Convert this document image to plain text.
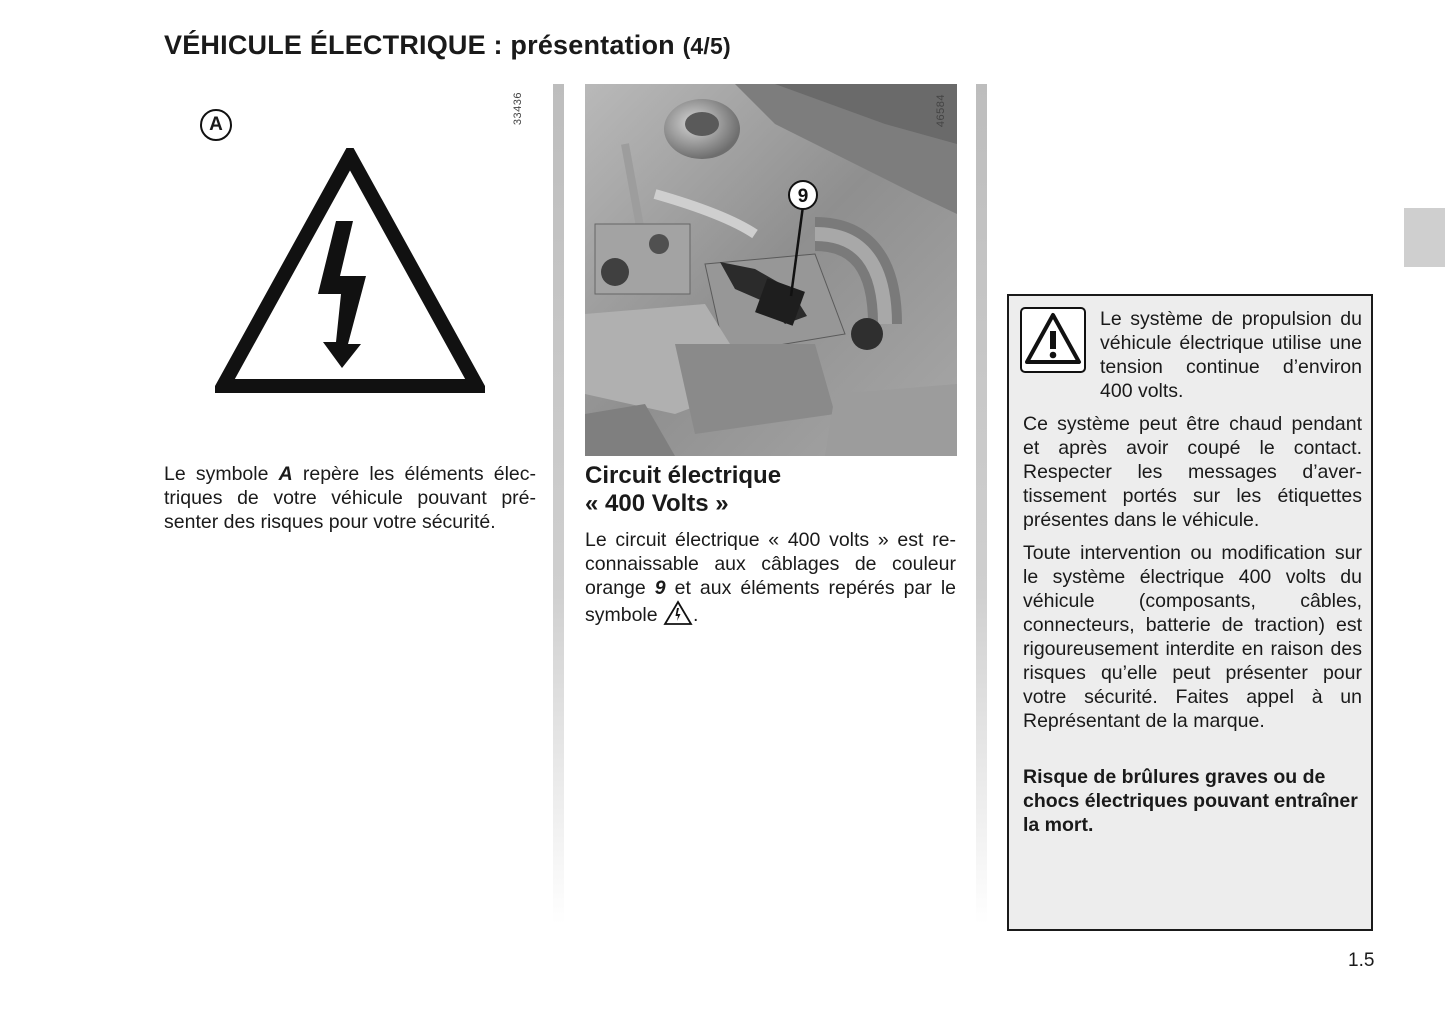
VÉHICULE ÉLECTRIQUE : présentation (4/5)
33436
A
Le symbole A repère les éléments électriques de votre véhicule pouvant présenter des risques pour votre sécurité.
9
46584
Circuit électrique
« 400 Volts »
Le circuit électrique « 400 volts » est reconnaissable aux câblages de couleur orange 9 et aux éléments repérés par le symbole .
Le système de propulsion du véhicule électrique utilise une tension continue d’environ 400 volts.
Ce système peut être chaud pendant et après avoir coupé le contact. Respecter les messages d’avertissement portés sur les étiquettes présentes dans le véhicule.
Toute intervention ou modification sur le système électrique 400 volts du véhicule (composants, câbles, connecteurs, batterie de traction) est rigoureusement interdite en raison des risques qu’elle peut présenter pour votre sécurité. Faites appel à un Représentant de la marque.
Risque de brûlures graves ou de chocs électriques pouvant entraîner la mort.
1.5
